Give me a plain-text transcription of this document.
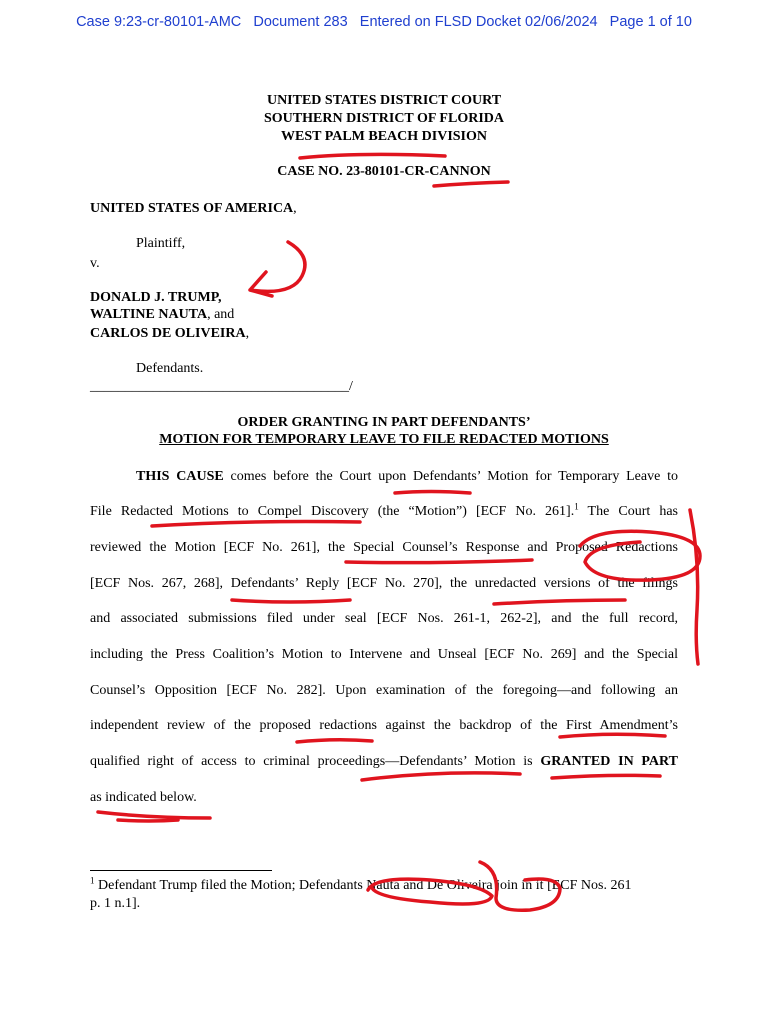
Case 9:23-cr-80101-AMC Document 283 Entered on FLSD Docket 02/06/2024 Page 1 of 10
UNITED STATES DISTRICT COURT
SOUTHERN DISTRICT OF FLORIDA
WEST PALM BEACH DIVISION
CASE NO. 23-80101-CR-CANNON
UNITED STATES OF AMERICA,
Plaintiff,
v.
DONALD J. TRUMP,
WALTINE NAUTA, and
CARLOS DE OLIVEIRA,
Defendants.
_____________________________________/
ORDER GRANTING IN PART DEFENDANTS’
MOTION FOR TEMPORARY LEAVE TO FILE REDACTED MOTIONS
THIS CAUSE comes before the Court upon Defendants’ Motion for Temporary Leave to
File Redacted Motions to Compel Discovery (the “Motion”) [ECF No. 261].$^1$ The Court has
reviewed the Motion [ECF No. 261], the Special Counsel’s Response and Proposed Redactions
[ECF Nos. 267, 268], Defendants’ Reply [ECF No. 270], the unredacted versions of the filings
and associated submissions filed under seal [ECF Nos. 261-1, 262-2], and the full record,
including the Press Coalition’s Motion to Intervene and Unseal [ECF No. 269] and the Special
Counsel’s Opposition [ECF No. 282]. Upon examination of the foregoing—and following an
independent review of the proposed redactions against the backdrop of the First Amendment’s
qualified right of access to criminal proceedings—Defendants’ Motion is GRANTED IN PART
as indicated below.
$^1$ Defendant Trump filed the Motion; Defendants Nauta and De Oliveira join in it [ECF Nos. 261
p. 1 n.1].
